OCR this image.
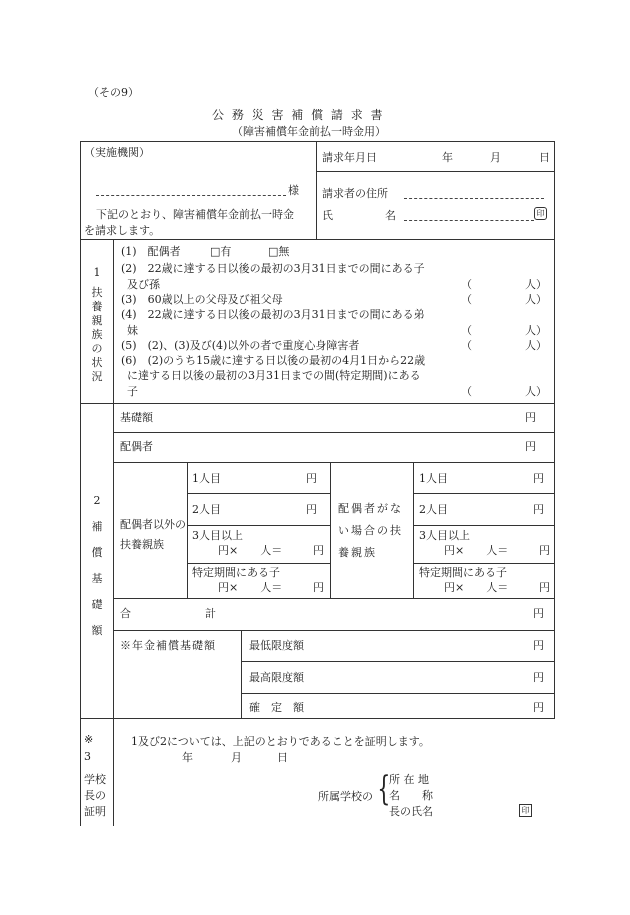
（その9）
公 務 災 害 補 償 請 求 書
（障害補償年金前払一時金用）
（実施機関）
様
下記のとおり、障害補償年金前払一時金
を請求します。
請求年月日	年	月	日
請求者の住所
氏	名	印
1
扶
養
親
族
の
状
況
(1)　配偶者	□有	□無
(2)　22歳に達する日以後の最初の3月31日までの間にある子
及び孫	（	人）
(3)　60歳以上の父母及び祖父母	（	人）
(4)　22歳に達する日以後の最初の3月31日までの間にある弟
妹	（	人）
(5)　(2)、(3)及び(4)以外の者で重度心身障害者	（	人）
(6)　(2)のうち15歳に達する日以後の最初の4月1日から22歳
に達する日以後の最初の3月31日までの間(特定期間)にある
子	（	人）
2
補
償
基
礎
額
基礎額	円
配偶者	円
配偶者以外の扶養親族
1人目	円
2人目	円
3人目以上
円×　　人＝	円
特定期間にある子
円×　　人＝	円
配偶者がな
い場合の扶
養親族
1人目	円
2人目	円
3人目以上
円×　　人＝	円
特定期間にある子
円×　　人＝	円
合	計	円
※年金補償基礎額	最低限度額	円
最高限度額	円
確　定　額	円
※
3
学校
長の
証明
1及び2については、上記のとおりであることを証明します。
年	月	日
所属学校の {
所 在 地
名　　称
長の氏名	印
